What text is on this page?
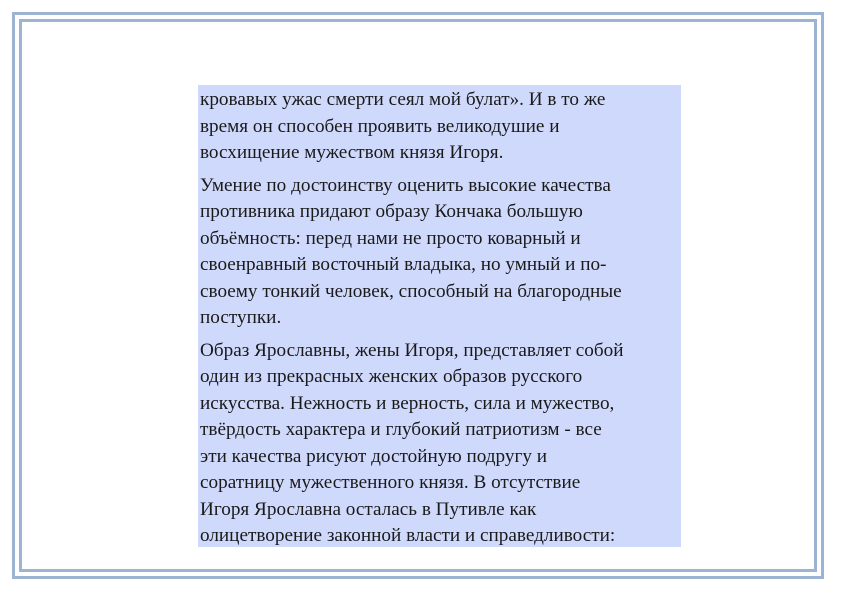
кровавых ужас смерти сеял мой булат». И в то же
время он способен проявить великодушие и
восхищение мужеством князя Игоря.

Умение по достоинству оценить высокие качества
противника придают образу Кончака большую
объёмность: перед нами не просто коварный и
своенравный восточный владыка, но умный и по-
своему тонкий человек, способный на благородные
поступки.

Образ Ярославны, жены Игоря, представляет собой
один из прекрасных женских образов русского
искусства. Нежность и верность, сила и мужество,
твёрдость характера и глубокий патриотизм - все
эти качества рисуют достойную подругу и
соратницу мужественного князя. В отсутствие
Игоря Ярославна осталась в Путивле как
олицетворение законной власти и справедливости:
